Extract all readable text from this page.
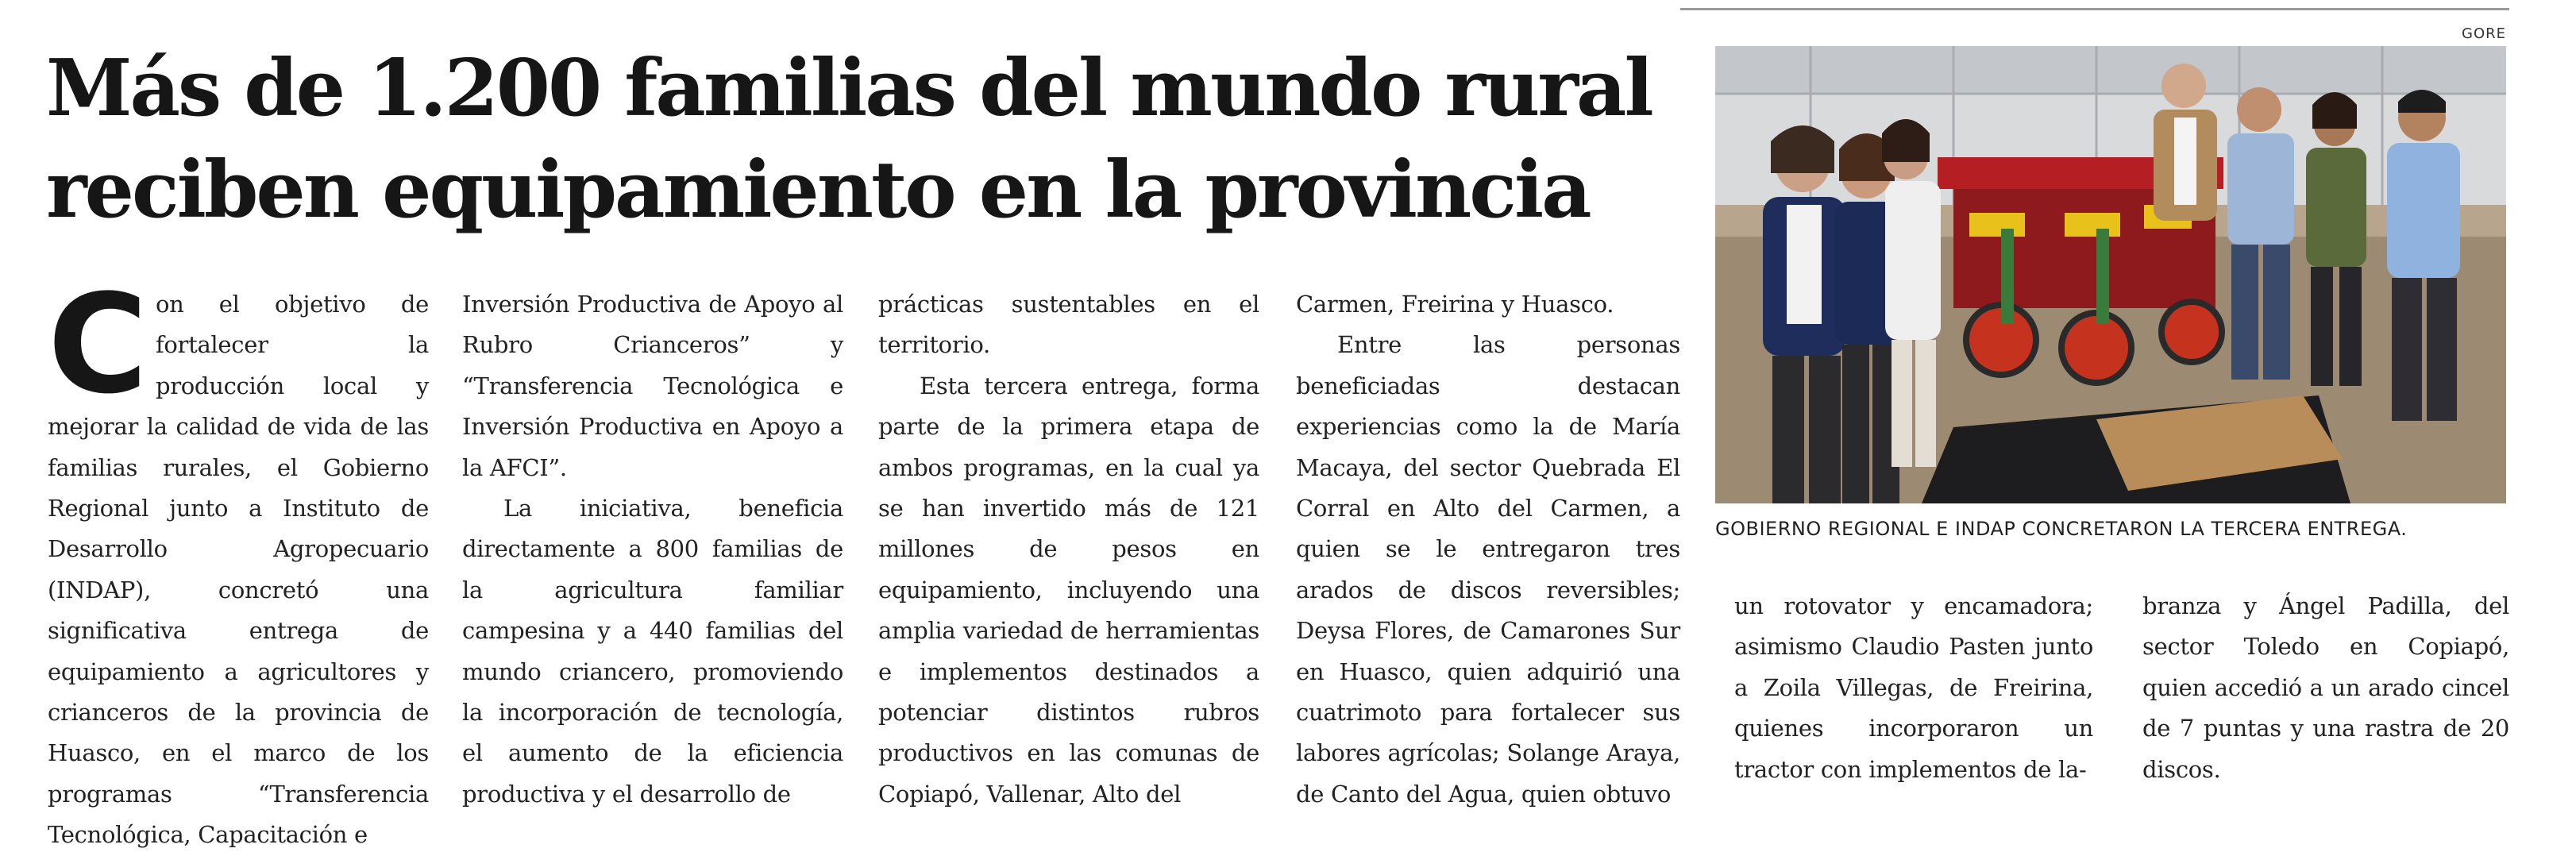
Más de 1.200 familias del mundo rural reciben equipamiento en la provincia
C on el objetivo de fortalecer la producción local y mejorar la calidad de vida de las familias rurales, el Gobierno Regional junto a Instituto de Desarrollo Agropecuario (INDAP), concretó una significativa entrega de equipamiento a agricultores y crianceros de la provincia de Huasco, en el marco de los programas “Transferencia Tecnológica, Capacitación e

Inversión Productiva de Apoyo al Rubro Crianceros” y “Transferencia Tecnológica e Inversión Productiva en Apoyo a la AFCI”.

La iniciativa, beneficia directamente a 800 familias de la agricultura familiar campesina y a 440 familias del mundo criancero, promoviendo la incorporación de tecnología, el aumento de la eficiencia productiva y el desarrollo de

prácticas sustentables en el territorio.

Esta tercera entrega, forma parte de la primera etapa de ambos programas, en la cual ya se han invertido más de 121 millones de pesos en equipamiento, incluyendo una amplia variedad de herramientas e implementos destinados a potenciar distintos rubros productivos en las comunas de Copiapó, Vallenar, Alto del

Carmen, Freirina y Huasco.

Entre las personas beneficiadas destacan experiencias como la de María Macaya, del sector Quebrada El Corral en Alto del Carmen, a quien se le entregaron tres arados de discos reversibles; Deysa Flores, de Camarones Sur en Huasco, quien adquirió una cuatrimoto para fortalecer sus labores agrícolas; Solange Araya, de Canto del Agua, quien obtuvo

un rotovator y encamadora; asimismo Claudio Pasten junto a Zoila Villegas, de Freirina, quienes incorporaron un tractor con implementos de la-

branza y Ángel Padilla, del sector Toledo en Copiapó, quien accedió a un arado cincel de 7 puntas y una rastra de 20 discos.

GORE
GOBIERNO REGIONAL E INDAP CONCRETARON LA TERCERA ENTREGA.
